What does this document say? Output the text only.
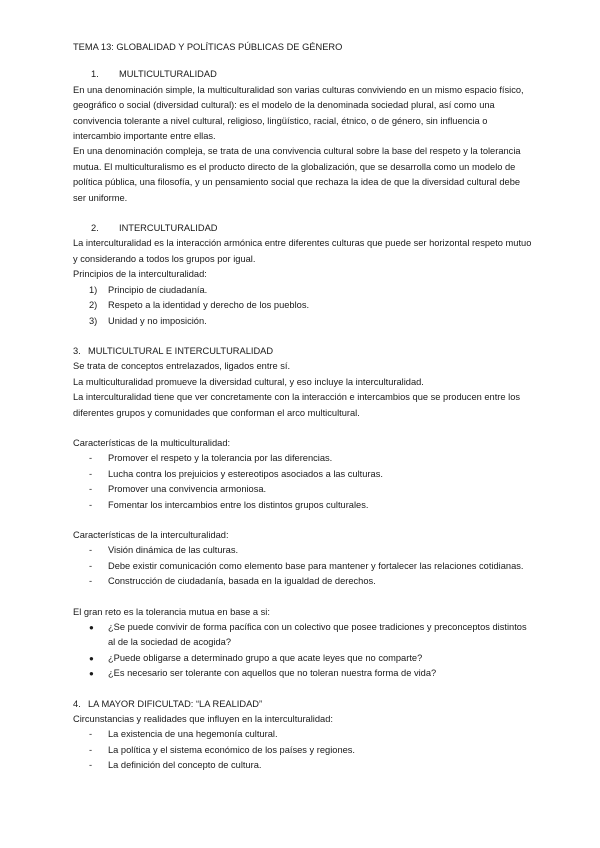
TEMA 13: GLOBALIDAD Y POLÍTICAS PÚBLICAS DE GÉNERO

1. MULTICULTURALIDAD

En una denominación simple, la multiculturalidad son varias culturas conviviendo en un mismo espacio físico, geográfico o social (diversidad cultural): es el modelo de la denominada sociedad plural, así como una convivencia tolerante a nivel cultural, religioso, lingüístico, racial, étnico, o de género, sin influencia o intercambio importante entre ellas.

En una denominación compleja, se trata de una convivencia cultural sobre la base del respeto y la tolerancia mutua. El multiculturalismo es el producto directo de la globalización, que se desarrolla como un modelo de política pública, una filosofía, y un pensamiento social que rechaza la idea de que la diversidad cultural debe ser uniforme.

2. INTERCULTURALIDAD

La interculturalidad es la interacción armónica entre diferentes culturas que puede ser horizontal respeto mutuo y considerando a todos los grupos por igual.

Principios de la interculturalidad:

1) Principio de ciudadanía.
2) Respeto a la identidad y derecho de los pueblos.
3) Unidad y no imposición.

3. MULTICULTURAL E INTERCULTURALIDAD

Se trata de conceptos entrelazados, ligados entre sí.

La multiculturalidad promueve la diversidad cultural, y eso incluye la interculturalidad.

La interculturalidad tiene que ver concretamente con la interacción e intercambios que se producen entre los diferentes grupos y comunidades que conforman el arco multicultural.

Características de la multiculturalidad:

- Promover el respeto y la tolerancia por las diferencias.
- Lucha contra los prejuicios y estereotipos asociados a las culturas.
- Promover una convivencia armoniosa.
- Fomentar los intercambios entre los distintos grupos culturales.

Características de la interculturalidad:

- Visión dinámica de las culturas.
- Debe existir comunicación como elemento base para mantener y fortalecer las relaciones cotidianas.
- Construcción de ciudadanía, basada en la igualdad de derechos.

El gran reto es la tolerancia mutua en base a si:

● ¿Se puede convivir de forma pacífica con un colectivo que posee tradiciones y preconceptos distintos al de la sociedad de acogida?
● ¿Puede obligarse a determinado grupo a que acate leyes que no comparte?
● ¿Es necesario ser tolerante con aquellos que no toleran nuestra forma de vida?

4. LA MAYOR DIFICULTAD: “LA REALIDAD”

Circunstancias y realidades que influyen en la interculturalidad:

- La existencia de una hegemonía cultural.
- La política y el sistema económico de los países y regiones.
- La definición del concepto de cultura.
